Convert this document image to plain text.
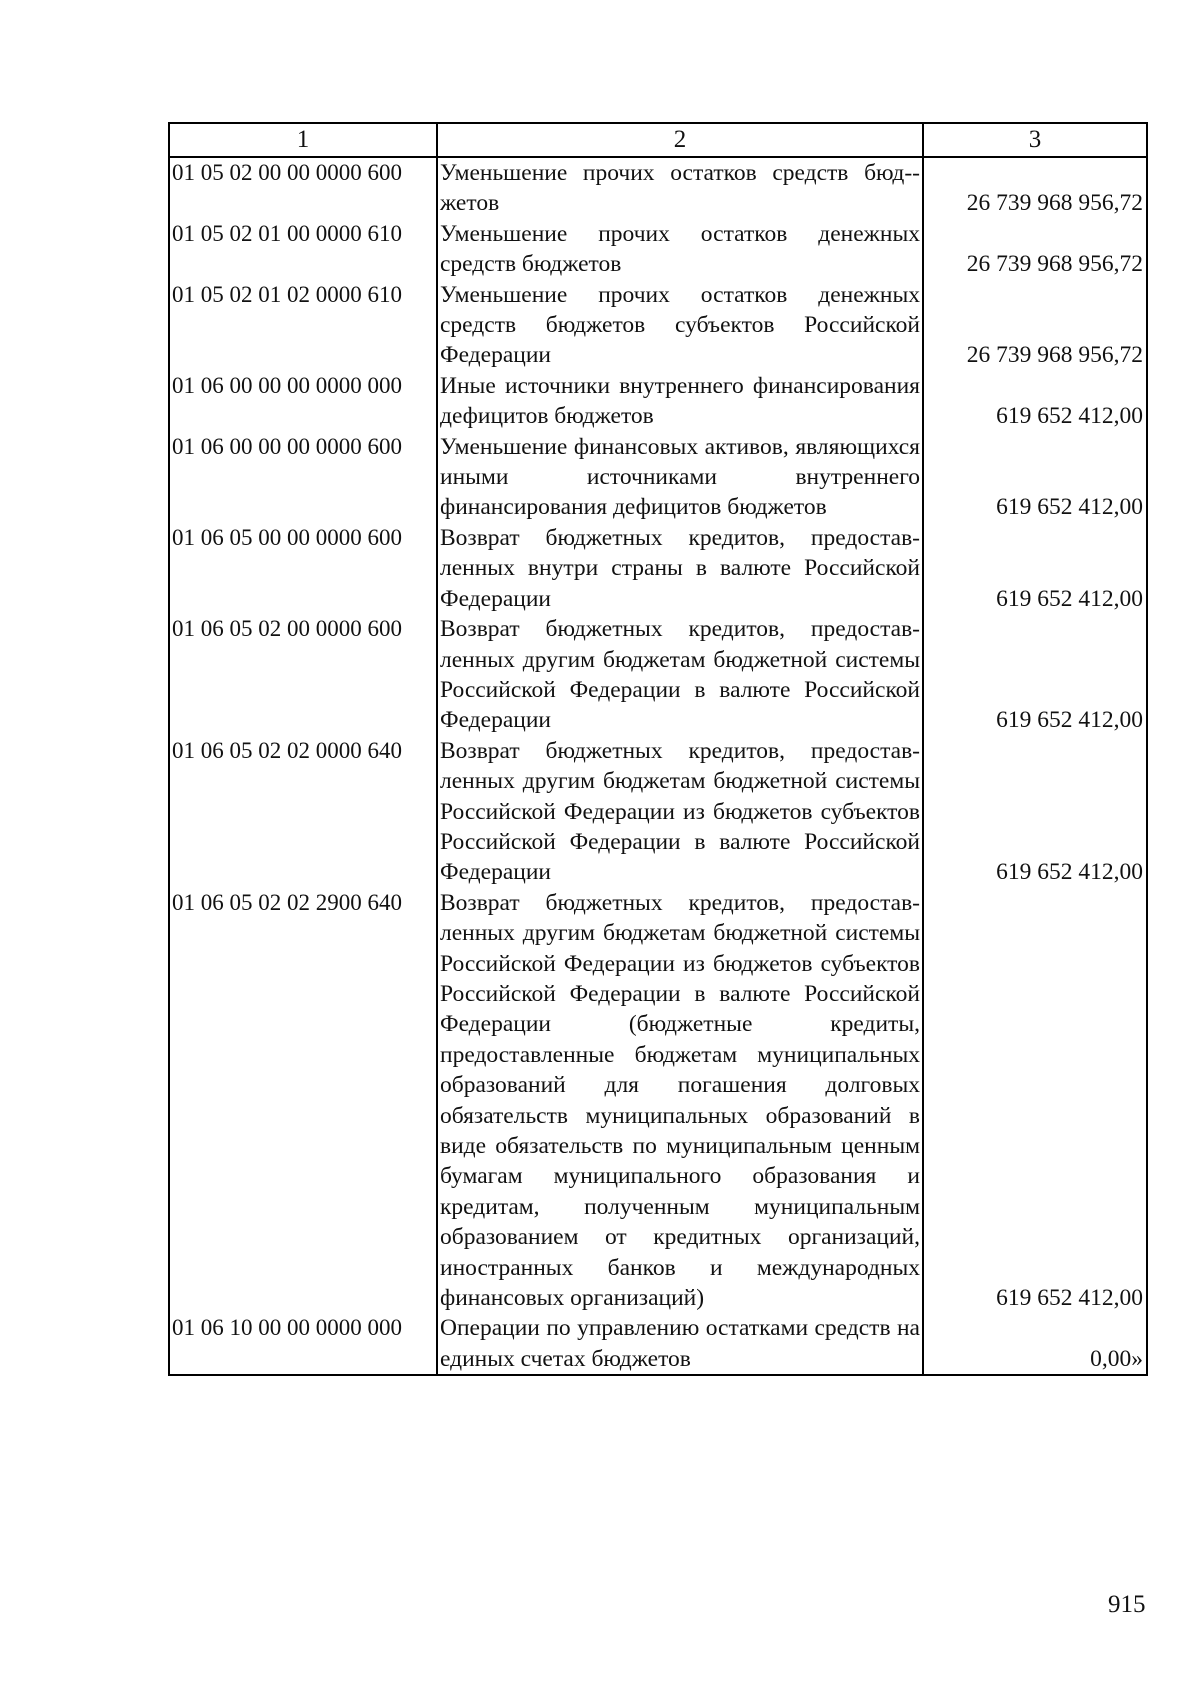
1	2	3
01 05 02 00 00 0000 600	Уменьшение прочих остатков средств бюд-жетов	26 739 968 956,72
01 05 02 01 00 0000 610	Уменьшение прочих остатков денежных средств бюджетов	26 739 968 956,72
01 05 02 01 02 0000 610	Уменьшение прочих остатков денежных средств бюджетов субъектов Российской Федерации	26 739 968 956,72
01 06 00 00 00 0000 000	Иные источники внутреннего финансирования дефицитов бюджетов	619 652 412,00
01 06 00 00 00 0000 600	Уменьшение финансовых активов, являющихся иными источниками внутреннего финансирования дефицитов бюджетов	619 652 412,00
01 06 05 00 00 0000 600	Возврат бюджетных кредитов, предоставленных внутри страны в валюте Российской Федерации	619 652 412,00
01 06 05 02 00 0000 600	Возврат бюджетных кредитов, предоставленных другим бюджетам бюджетной системы Российской Федерации в валюте Российской Федерации	619 652 412,00
01 06 05 02 02 0000 640	Возврат бюджетных кредитов, предоставленных другим бюджетам бюджетной системы Российской Федерации из бюджетов субъектов Российской Федерации в валюте Российской Федерации	619 652 412,00
01 06 05 02 02 2900 640	Возврат бюджетных кредитов, предоставленных другим бюджетам бюджетной системы Российской Федерации из бюджетов субъектов Российской Федерации в валюте Российской Федерации (бюджетные кредиты, предоставленные бюджетам муниципальных образований для погашения долговых обязательств муниципальных образований в виде обязательств по муниципальным ценным бумагам муниципального образования и кредитам, полученным муниципальным образованием от кредитных организаций, иностранных банков и международных финансовых организаций)	619 652 412,00
01 06 10 00 00 0000 000	Операции по управлению остатками средств на единых счетах бюджетов	0,00»
915
